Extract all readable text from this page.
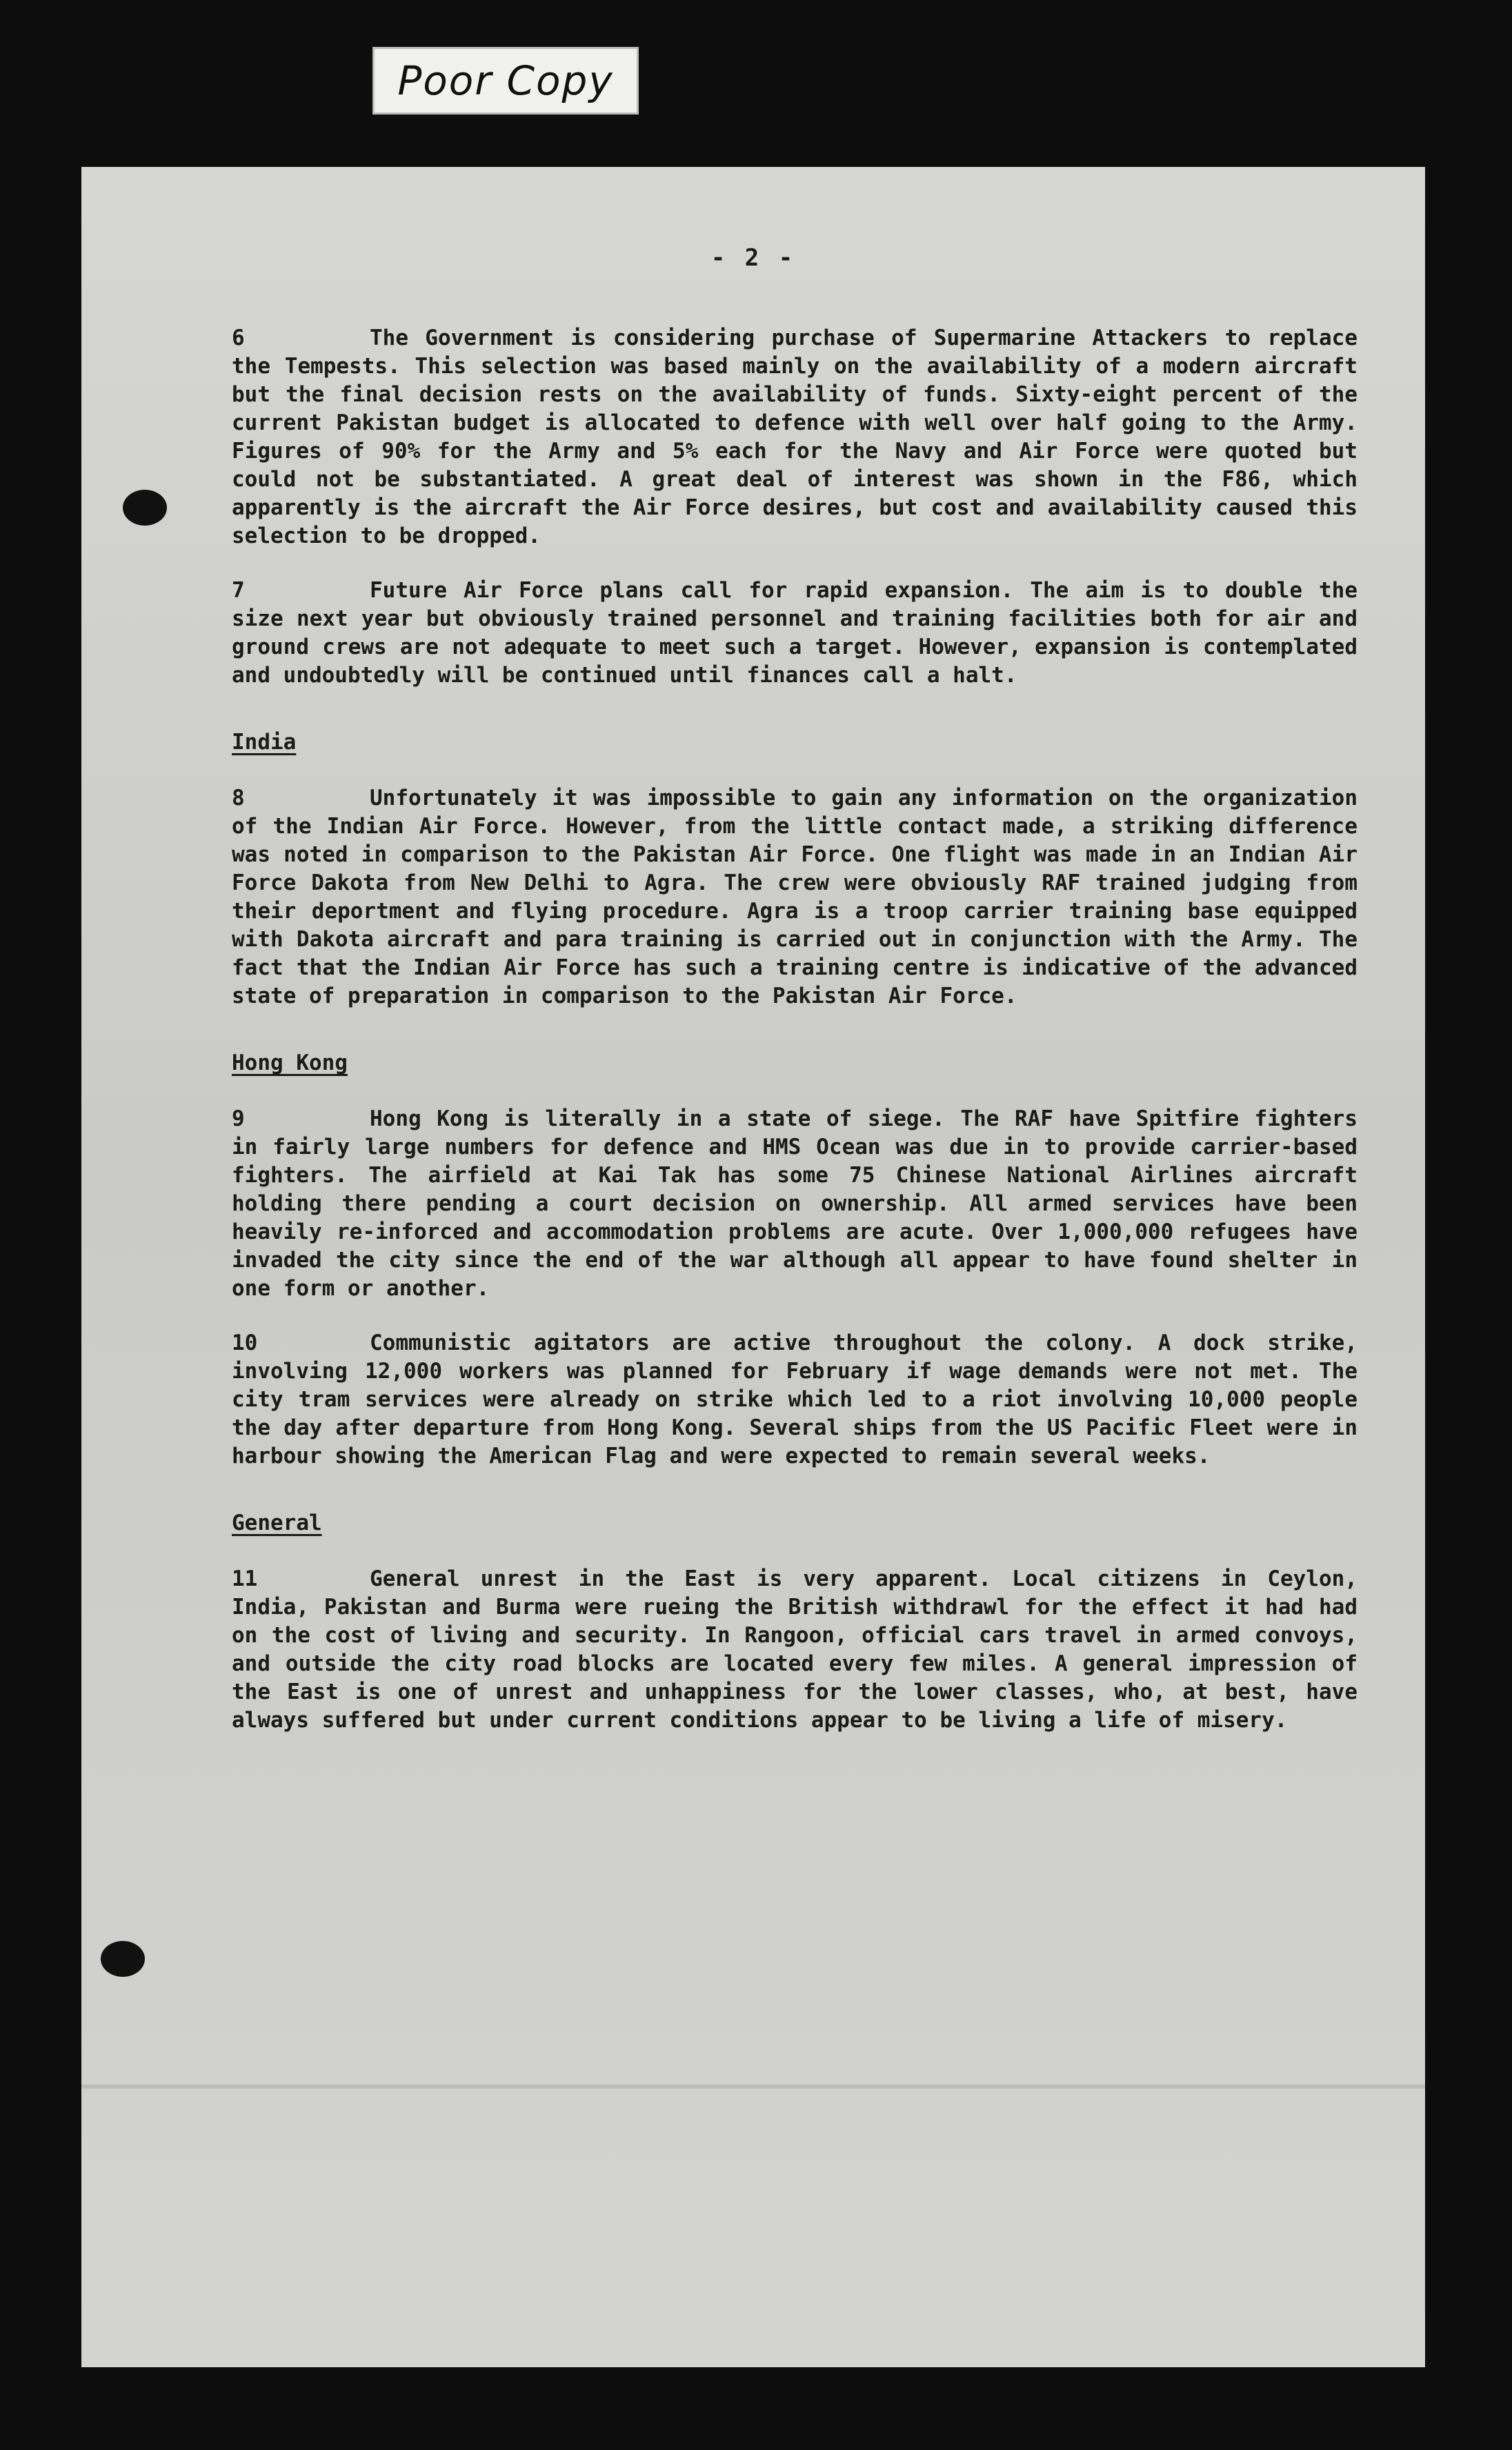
Poor Copy
- 2 -

6	The Government is considering purchase of Supermarine Attackers to replace the Tempests. This selection was based mainly on the availability of a modern aircraft but the final decision rests on the availability of funds. Sixty-eight percent of the current Pakistan budget is allocated to defence with well over half going to the Army. Figures of 90% for the Army and 5% each for the Navy and Air Force were quoted but could not be substantiated. A great deal of interest was shown in the F86, which apparently is the aircraft the Air Force desires, but cost and availability caused this selection to be dropped.

7	Future Air Force plans call for rapid expansion. The aim is to double the size next year but obviously trained personnel and training facilities both for air and ground crews are not adequate to meet such a target. However, expansion is contemplated and undoubtedly will be continued until finances call a halt.

India

8	Unfortunately it was impossible to gain any information on the organization of the Indian Air Force. However, from the little contact made, a striking difference was noted in comparison to the Pakistan Air Force. One flight was made in an Indian Air Force Dakota from New Delhi to Agra. The crew were obviously RAF trained judging from their deportment and flying procedure. Agra is a troop carrier training base equipped with Dakota aircraft and para training is carried out in conjunction with the Army. The fact that the Indian Air Force has such a training centre is indicative of the advanced state of preparation in comparison to the Pakistan Air Force.

Hong Kong

9	Hong Kong is literally in a state of siege. The RAF have Spitfire fighters in fairly large numbers for defence and HMS Ocean was due in to provide carrier-based fighters. The airfield at Kai Tak has some 75 Chinese National Airlines aircraft holding there pending a court decision on ownership. All armed services have been heavily re-inforced and accommodation problems are acute. Over 1,000,000 refugees have invaded the city since the end of the war although all appear to have found shelter in one form or another.

10	Communistic agitators are active throughout the colony. A dock strike, involving 12,000 workers was planned for February if wage demands were not met. The city tram services were already on strike which led to a riot involving 10,000 people the day after departure from Hong Kong. Several ships from the US Pacific Fleet were in harbour showing the American Flag and were expected to remain several weeks.

General

11	General unrest in the East is very apparent. Local citizens in Ceylon, India, Pakistan and Burma were rueing the British withdrawl for the effect it had had on the cost of living and security. In Rangoon, official cars travel in armed convoys, and outside the city road blocks are located every few miles. A general impression of the East is one of unrest and unhappiness for the lower classes, who, at best, have always suffered but under current conditions appear to be living a life of misery.
